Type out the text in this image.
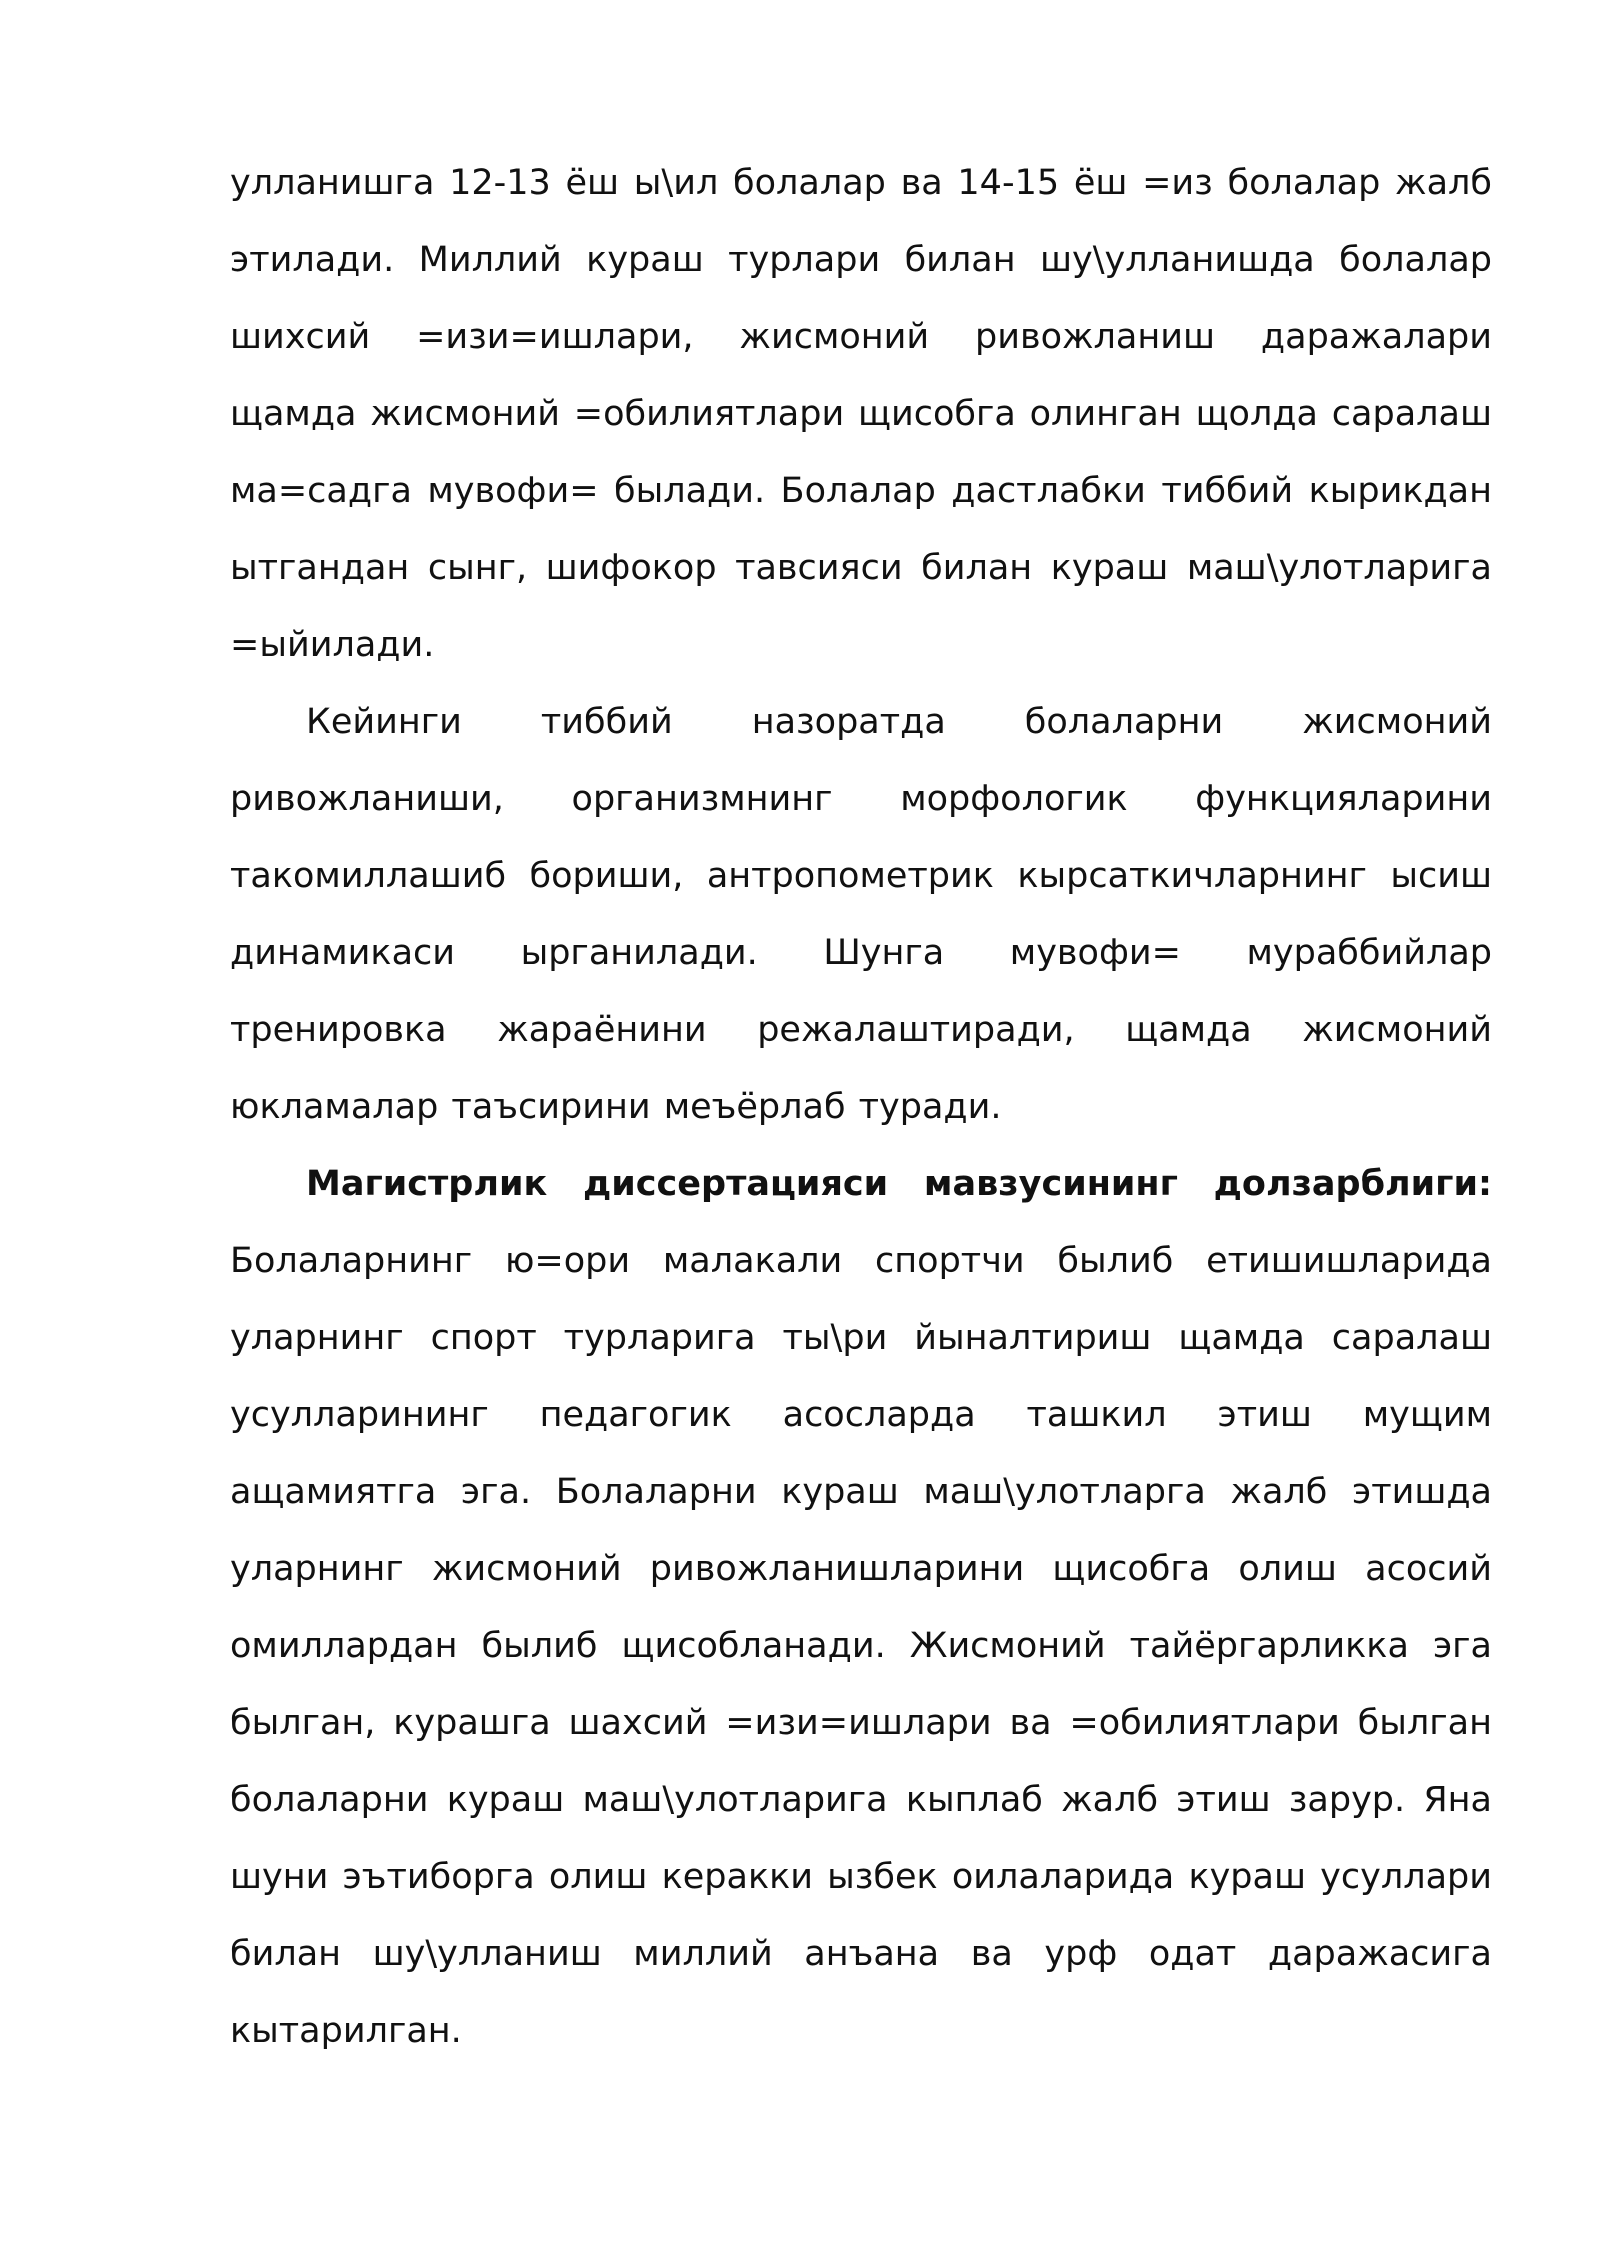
улланишга 12-13 ёш ы\ил болалар ва 14-15 ёш =из болалар жалб этилади. Миллий кураш турлари билан шу\улланишда болалар шихсий =изи=ишлари, жисмоний ривожланиш даражалари щамда жисмоний =обилиятлари щисобга олинган щолда саралаш ма=садга мувофи= былади. Болалар дастлабки тиббий кырикдан ытгандан сынг, шифокор тавсияси билан кураш маш\улотларига =ыйилади.

Кейинги тиббий назоратда болаларни жисмоний ривожланиши, организмнинг морфологик функцияларини такомиллашиб бориши, антропометрик кырсаткичларнинг ысиш динамикаси ырганилади. Шунга мувофи= мураббийлар тренировка жараёнини режалаштиради, щамда жисмоний юкламалар таъсирини меъёрлаб туради.

Магистрлик диссертацияси мавзусининг долзарблиги: Болаларнинг ю=ори малакали спортчи былиб етишишларида уларнинг спорт турларига ты\ри йыналтириш щамда саралаш усулларининг педагогик асосларда ташкил этиш мущим ащамиятга эга. Болаларни кураш маш\улотларга жалб этишда уларнинг жисмоний ривожланишларини щисобга олиш асосий омиллардан былиб щисобланади. Жисмоний тайёргарликка эга былган, курашга шахсий =изи=ишлари ва =обилиятлари былган болаларни кураш маш\улотларига кыплаб жалб этиш зарур. Яна шуни эътиборга олиш керакки ызбек оилаларида кураш усуллари билан шу\улланиш миллий анъана ва урф одат даражасига кытарилган.
